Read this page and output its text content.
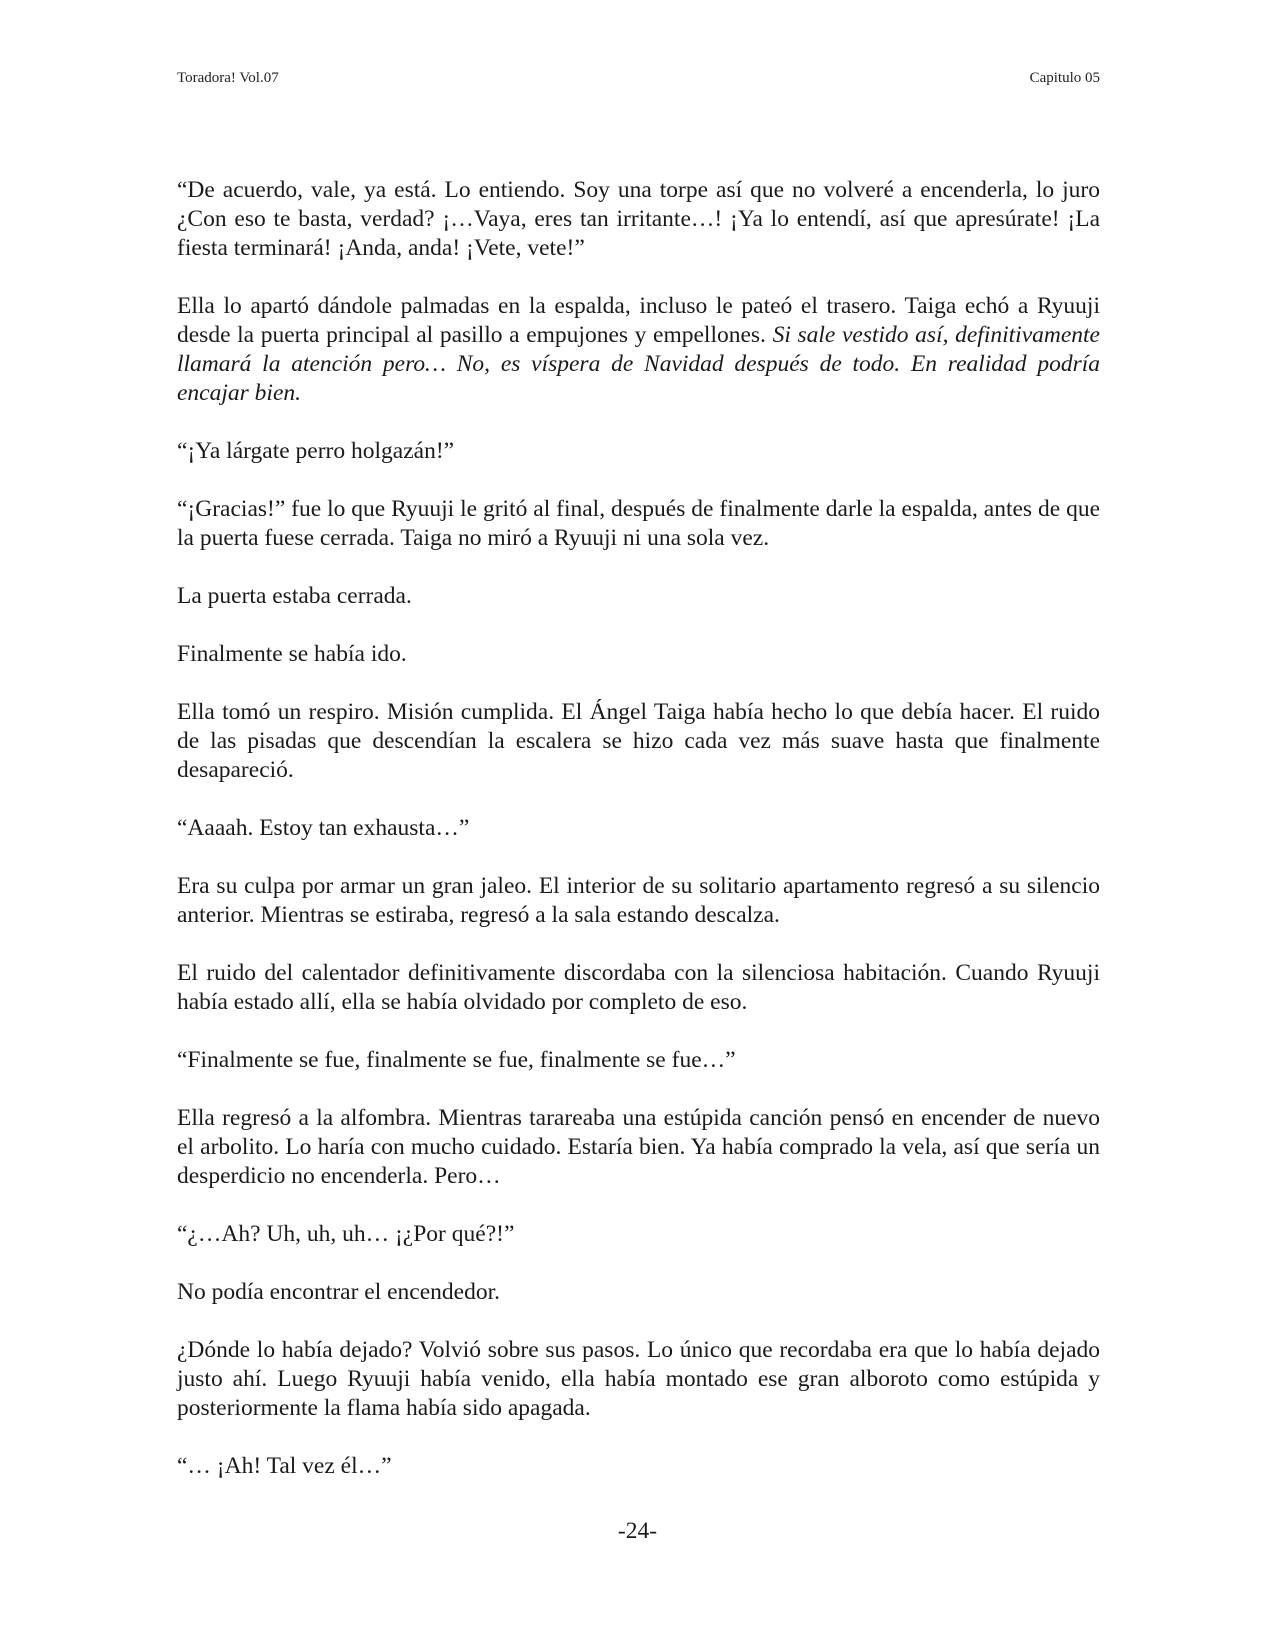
Toradora! Vol.07	Capitulo 05

“De acuerdo, vale, ya está. Lo entiendo. Soy una torpe así que no volveré a encenderla, lo juro ¿Con eso te basta, verdad? ¡…Vaya, eres tan irritante…! ¡Ya lo entendí, así que apresúrate! ¡La fiesta terminará! ¡Anda, anda! ¡Vete, vete!”

Ella lo apartó dándole palmadas en la espalda, incluso le pateó el trasero. Taiga echó a Ryuuji desde la puerta principal al pasillo a empujones y empellones. Si sale vestido así, definitivamente llamará la atención pero… No, es víspera de Navidad después de todo. En realidad podría encajar bien.

“¡Ya lárgate perro holgazán!”

“¡Gracias!” fue lo que Ryuuji le gritó al final, después de finalmente darle la espalda, antes de que la puerta fuese cerrada. Taiga no miró a Ryuuji ni una sola vez.

La puerta estaba cerrada.

Finalmente se había ido.

Ella tomó un respiro. Misión cumplida. El Ángel Taiga había hecho lo que debía hacer. El ruido de las pisadas que descendían la escalera se hizo cada vez más suave hasta que finalmente desapareció.

“Aaaah. Estoy tan exhausta…”

Era su culpa por armar un gran jaleo. El interior de su solitario apartamento regresó a su silencio anterior. Mientras se estiraba, regresó a la sala estando descalza.

El ruido del calentador definitivamente discordaba con la silenciosa habitación. Cuando Ryuuji había estado allí, ella se había olvidado por completo de eso.

“Finalmente se fue, finalmente se fue, finalmente se fue…”

Ella regresó a la alfombra. Mientras tarareaba una estúpida canción pensó en encender de nuevo el arbolito. Lo haría con mucho cuidado. Estaría bien. Ya había comprado la vela, así que sería un desperdicio no encenderla. Pero…

“¿…Ah? Uh, uh, uh… ¡¿Por qué?!”

No podía encontrar el encendedor.

¿Dónde lo había dejado? Volvió sobre sus pasos. Lo único que recordaba era que lo había dejado justo ahí. Luego Ryuuji había venido, ella había montado ese gran alboroto como estúpida y posteriormente la flama había sido apagada.

“… ¡Ah! Tal vez él…”

-24-
